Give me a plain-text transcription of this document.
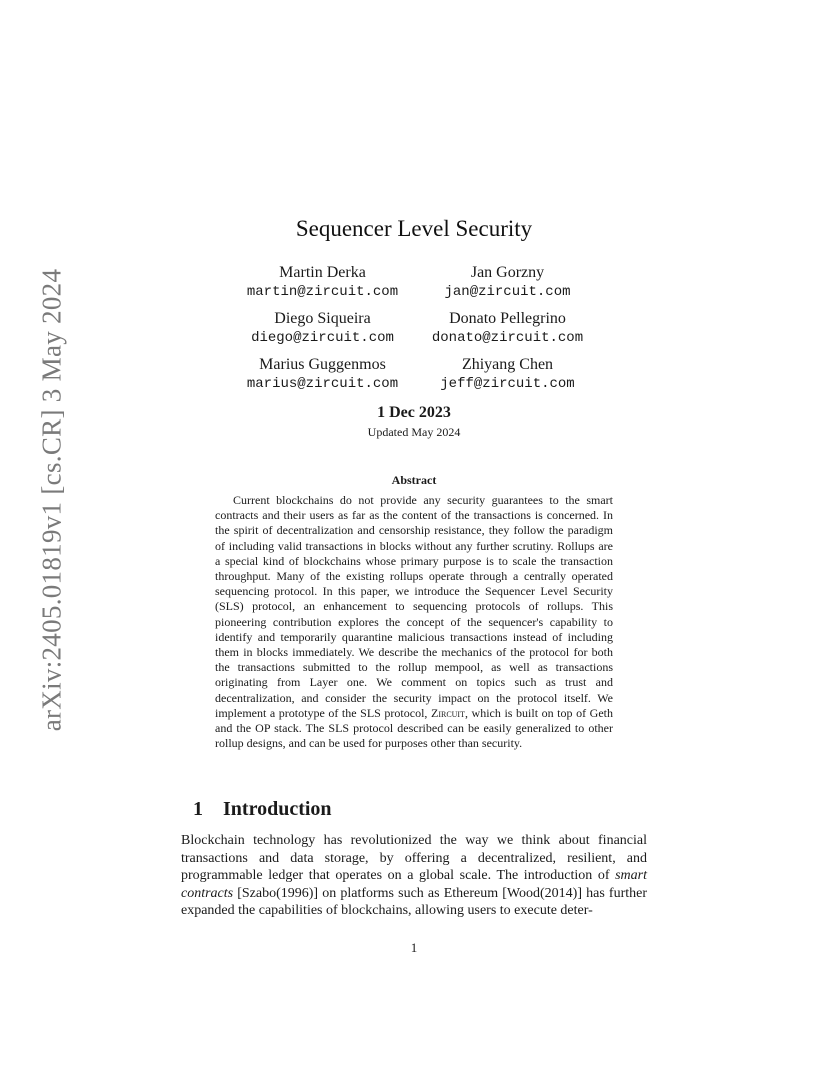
arXiv:2405.01819v1 [cs.CR] 3 May 2024
Sequencer Level Security
Martin Derka
martin@zircuit.com
Jan Gorzny
jan@zircuit.com
Diego Siqueira
diego@zircuit.com
Donato Pellegrino
donato@zircuit.com
Marius Guggenmos
marius@zircuit.com
Zhiyang Chen
jeff@zircuit.com
1 Dec 2023
Updated May 2024
Abstract

Current blockchains do not provide any security guarantees to the smart contracts and their users as far as the content of the transactions is concerned. In the spirit of decentralization and censorship resistance, they follow the paradigm of including valid transactions in blocks without any further scrutiny. Rollups are a special kind of blockchains whose primary purpose is to scale the transaction throughput. Many of the existing rollups operate through a centrally operated sequencing protocol. In this paper, we introduce the Sequencer Level Security (SLS) protocol, an enhancement to sequencing protocols of rollups. This pioneering contribution explores the concept of the sequencer's capability to identify and temporarily quarantine malicious transactions instead of including them in blocks immediately. We describe the mechanics of the protocol for both the transactions submitted to the rollup mempool, as well as transactions originating from Layer one. We comment on topics such as trust and decentralization, and consider the security impact on the protocol itself. We implement a prototype of the SLS protocol, Zircuit, which is built on top of Geth and the OP stack. The SLS protocol described can be easily generalized to other rollup designs, and can be used for purposes other than security.

1 Introduction

Blockchain technology has revolutionized the way we think about financial transactions and data storage, by offering a decentralized, resilient, and programmable ledger that operates on a global scale. The introduction of smart contracts [Szabo(1996)] on platforms such as Ethereum [Wood(2014)] has further expanded the capabilities of blockchains, allowing users to execute deter-

1
